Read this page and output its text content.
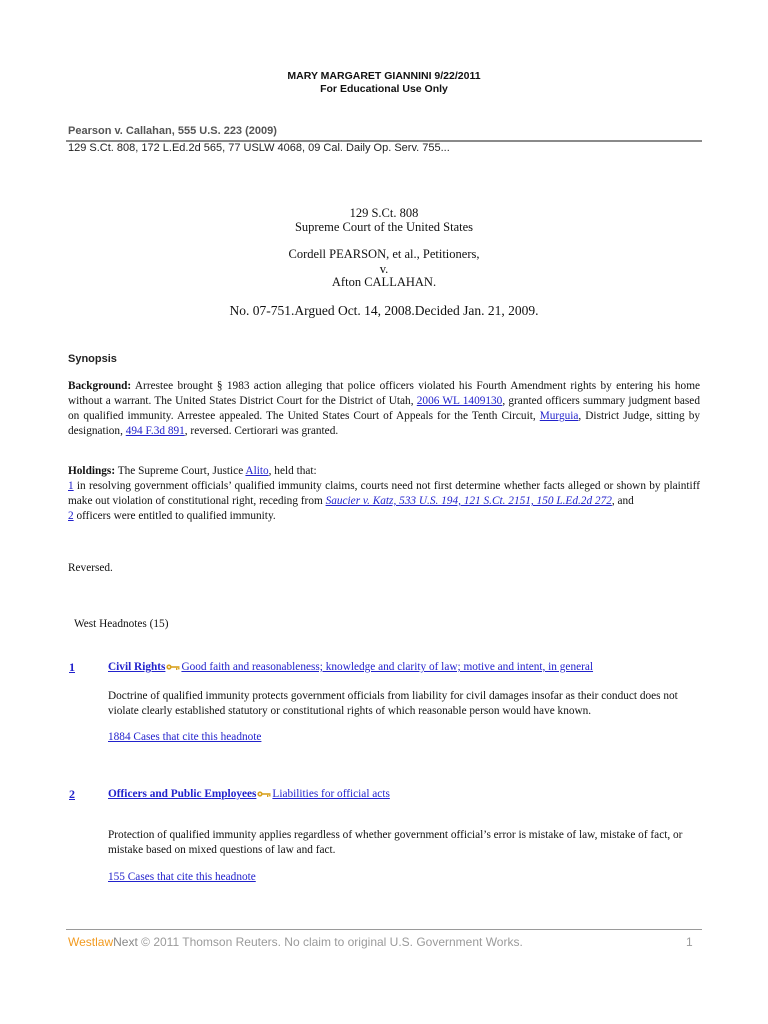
MARY MARGARET GIANNINI 9/22/2011
For Educational Use Only
Pearson v. Callahan, 555 U.S. 223 (2009)
129 S.Ct. 808, 172 L.Ed.2d 565, 77 USLW 4068, 09 Cal. Daily Op. Serv. 755...
129 S.Ct. 808
Supreme Court of the United States
Cordell PEARSON, et al., Petitioners,
v.
Afton CALLAHAN.
No. 07-751.Argued Oct. 14, 2008.Decided Jan. 21, 2009.
Synopsis
Background: Arrestee brought § 1983 action alleging that police officers violated his Fourth Amendment rights by entering his home without a warrant. The United States District Court for the District of Utah, 2006 WL 1409130, granted officers summary judgment based on qualified immunity. Arrestee appealed. The United States Court of Appeals for the Tenth Circuit, Murguia, District Judge, sitting by designation, 494 F.3d 891, reversed. Certiorari was granted.
Holdings: The Supreme Court, Justice Alito, held that:
1 in resolving government officials’ qualified immunity claims, courts need not first determine whether facts alleged or shown by plaintiff make out violation of constitutional right, receding from Saucier v. Katz, 533 U.S. 194, 121 S.Ct. 2151, 150 L.Ed.2d 272, and
2 officers were entitled to qualified immunity.
Reversed.
West Headnotes (15)
1	Civil Rights Good faith and reasonableness; knowledge and clarity of law; motive and intent, in general
Doctrine of qualified immunity protects government officials from liability for civil damages insofar as their conduct does not violate clearly established statutory or constitutional rights of which reasonable person would have known.
1884 Cases that cite this headnote
2	Officers and Public Employees Liabilities for official acts
Protection of qualified immunity applies regardless of whether government official’s error is mistake of law, mistake of fact, or mistake based on mixed questions of law and fact.
155 Cases that cite this headnote
WestlawNext © 2011 Thomson Reuters. No claim to original U.S. Government Works.	1
